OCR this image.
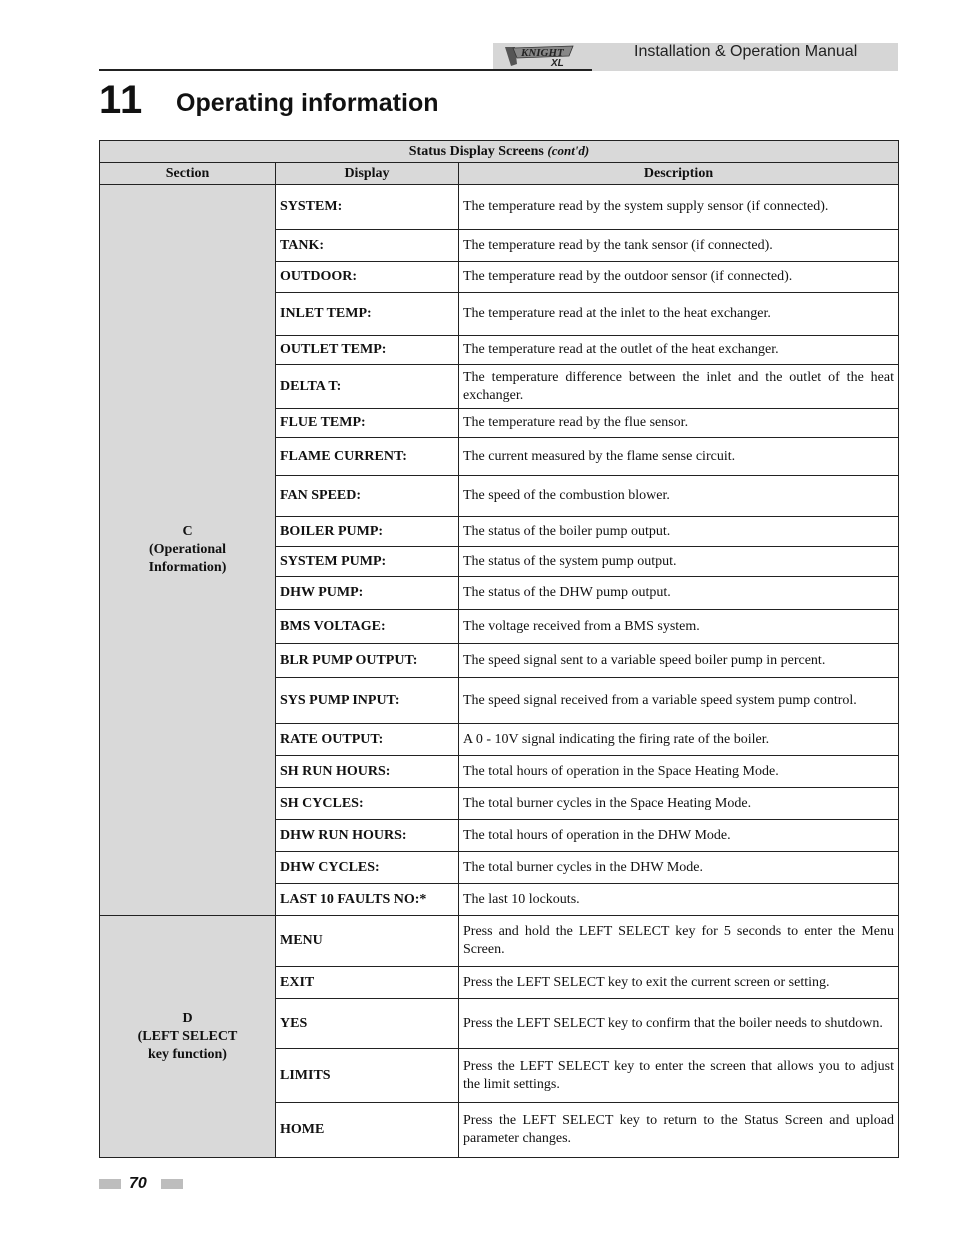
KNIGHT
XL
Installation & Operation Manual
11 Operating information
Status Display Screens (cont'd)		
Section	Display	Description

C
(Operational
Information)	SYSTEM:	The temperature read by the system supply sensor (if connected).
	TANK:	The temperature read by the tank sensor (if connected).
	OUTDOOR:	The temperature read by the outdoor sensor (if connected).
	INLET TEMP:	The temperature read at the inlet to the heat exchanger.
	OUTLET TEMP:	The temperature read at the outlet of the heat exchanger.
	DELTA T:	The temperature difference between the inlet and the outlet of the heat exchanger.
	FLUE TEMP:	The temperature read by the flue sensor.
	FLAME CURRENT:	The current measured by the flame sense circuit.
	FAN SPEED:	The speed of the combustion blower.
	BOILER PUMP:	The status of the boiler pump output.
	SYSTEM PUMP:	The status of the system pump output.
	DHW PUMP:	The status of the DHW pump output.
	BMS VOLTAGE:	The voltage received from a BMS system.
	BLR PUMP OUTPUT:	The speed signal sent to a variable speed boiler pump in percent.
	SYS PUMP INPUT:	The speed signal received from a variable speed system pump control.
	RATE OUTPUT:	A 0 - 10V signal indicating the firing rate of the boiler.
	SH RUN HOURS:	The total hours of operation in the Space Heating Mode.
	SH CYCLES:	The total burner cycles in the Space Heating Mode.
	DHW RUN HOURS:	The total hours of operation in the DHW Mode.
	DHW CYCLES:	The total burner cycles in the DHW Mode.
	LAST 10 FAULTS NO:*	The last 10 lockouts.

D
(LEFT SELECT
key function)	MENU	Press and hold the LEFT SELECT key for 5 seconds to enter the Menu Screen.
	EXIT	Press the LEFT SELECT key to exit the current screen or setting.
	YES	Press the LEFT SELECT key to confirm that the boiler needs to shutdown.
	LIMITS	Press the LEFT SELECT key to enter the screen that allows you to adjust the limit settings.
	HOME	Press the LEFT SELECT key to return to the Status Screen and upload parameter changes.
70
